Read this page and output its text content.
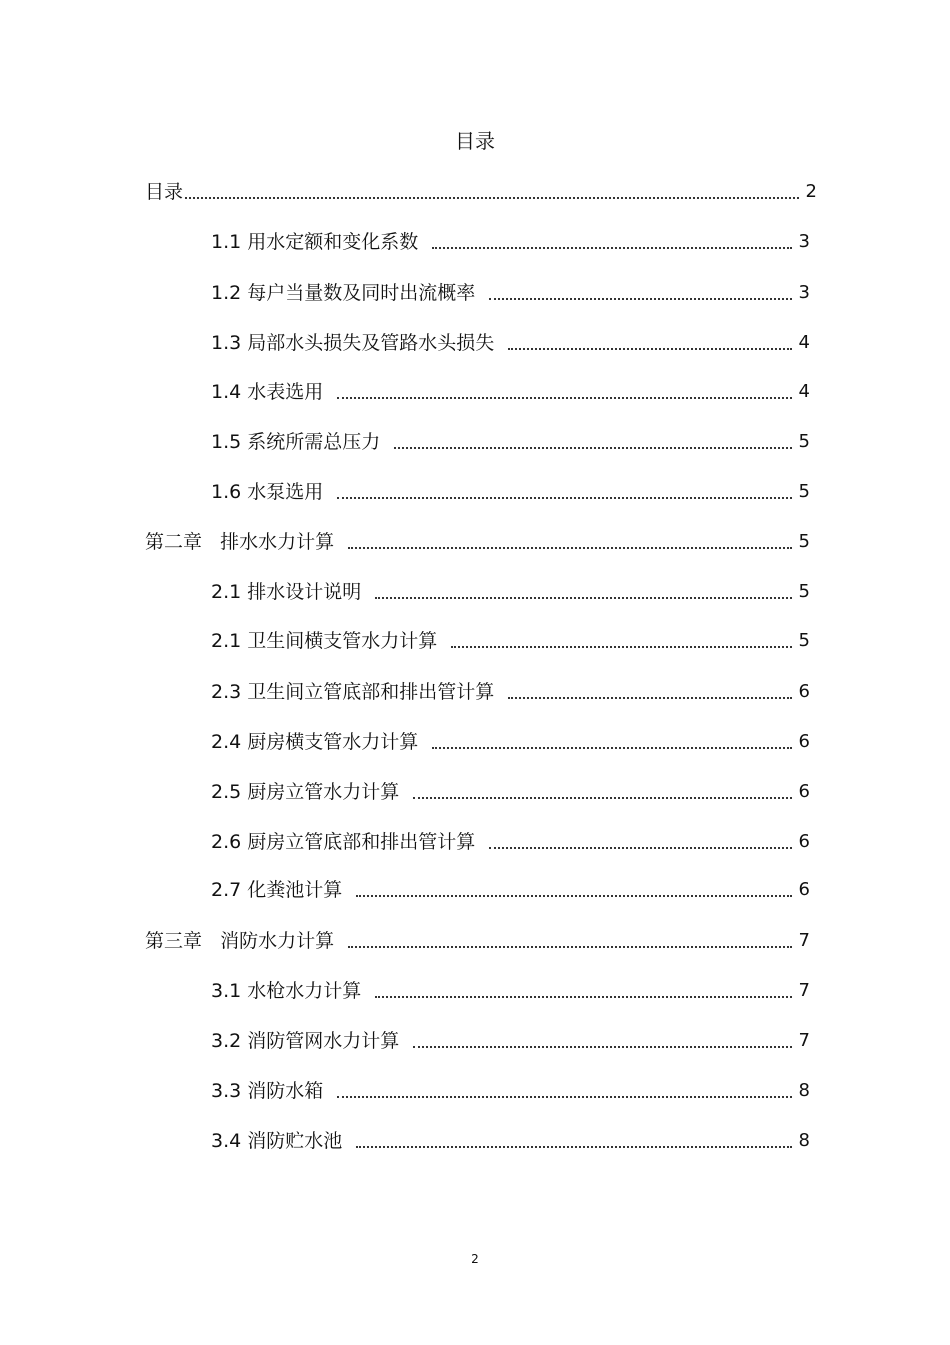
目录
目录	2
1.1 用水定额和变化系数	3
1.2 每户当量数及同时出流概率	3
1.3 局部水头损失及管路水头损失	4
1.4 水表选用	4
1.5 系统所需总压力	5
1.6 水泵选用	5
第二章   排水水力计算	5
2.1 排水设计说明	5
2.1 卫生间横支管水力计算	5
2.3 卫生间立管底部和排出管计算	6
2.4 厨房横支管水力计算	6
2.5 厨房立管水力计算	6
2.6 厨房立管底部和排出管计算	6
2.7 化粪池计算	6
第三章   消防水力计算	7
3.1 水枪水力计算	7
3.2 消防管网水力计算	7
3.3 消防水箱	8
3.4 消防贮水池	8
2
